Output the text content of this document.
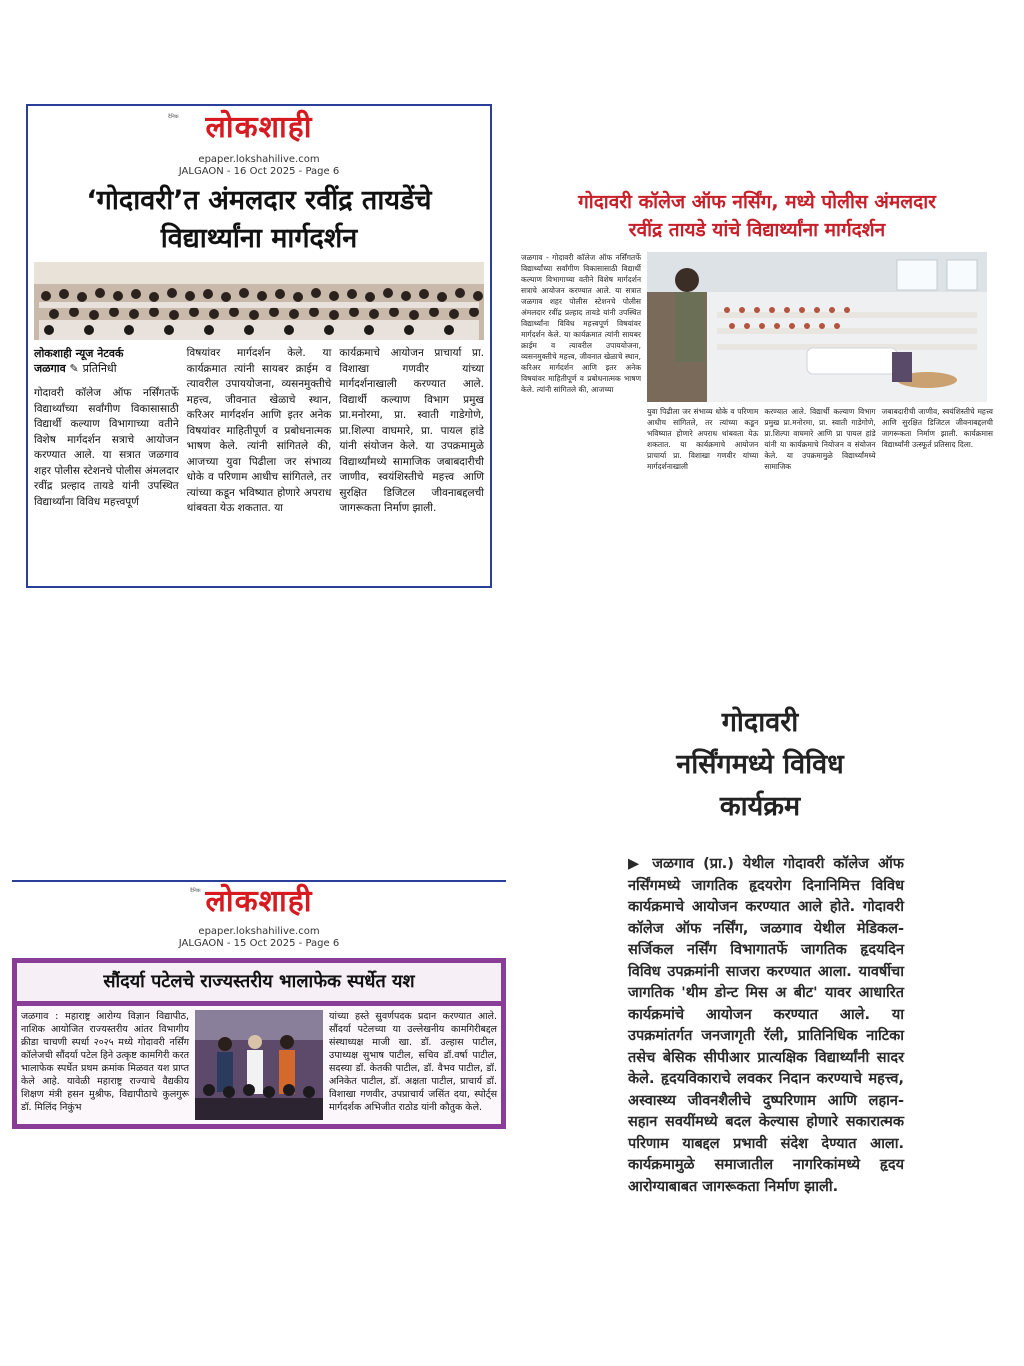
दैनिक लोकशाही
epaper.lokshahilive.com
JALGAON - 16 Oct 2025 - Page 6
‘गोदावरी’त अंमलदार रवींद्र तायडेंचे
विद्यार्थ्यांना मार्गदर्शन
लोकशाही न्यूज नेटवर्क
जळगाव ✎ प्रतिनिधी

गोदावरी कॉलेज ऑफ नर्सिंगतर्फे विद्यार्थ्यांच्या सर्वांगीण विकासासाठी विद्यार्थी कल्याण विभागाच्या वतीने विशेष मार्गदर्शन सत्राचे आयोजन करण्यात आले. या सत्रात जळगाव शहर पोलीस स्टेशनचे पोलीस अंमलदार रवींद्र प्रल्हाद तायडे यांनी उपस्थित विद्यार्थ्यांना विविध महत्त्वपूर्ण

विषयांवर मार्गदर्शन केले. या कार्यक्रमात त्यांनी सायबर क्राईम व त्यावरील उपाययोजना, व्यसनमुक्तीचे महत्त्व, जीवनात खेळाचे स्थान, करिअर मार्गदर्शन आणि इतर अनेक विषयांवर माहितीपूर्ण व प्रबोधनात्मक भाषण केले. त्यांनी सांगितले की, आजच्या युवा पिढीला जर संभाव्य धोके व परिणाम आधीच सांगितले, तर त्यांच्या कडून भविष्यात होणारे अपराध थांबवता येऊ शकतात. या

कार्यक्रमाचे आयोजन प्राचार्या प्रा. विशाखा गणवीर यांच्या मार्गदर्शनाखाली करण्यात आले. विद्यार्थी कल्याण विभाग प्रमुख प्रा.मनोरमा, प्रा. स्वाती गाडेगोणे, प्रा.शिल्पा वाघमारे, प्रा. पायल हांडे यांनी संयोजन केले. या उपक्रमामुळे विद्यार्थ्यांमध्ये सामाजिक जबाबदारीची जाणीव, स्वयंशिस्तीचे महत्त्व आणि सुरक्षित डिजिटल जीवनाबद्दलची जागरूकता निर्माण झाली.

गोदावरी कॉलेज ऑफ नर्सिंग, मध्ये पोलीस अंमलदार
रवींद्र तायडे यांचे विद्यार्थ्यांना मार्गदर्शन
जळगाव - गोदावरी कॉलेज ऑफ नर्सिंगतर्फे विद्यार्थ्यांच्या सर्वांगीण विकासासाठी विद्यार्थी कल्याण विभागाच्या वतीने विशेष मार्गदर्शन सत्राचे आयोजन करण्यात आले. या सत्रात जळगाव शहर पोलीस स्टेशनचे पोलीस अंमलदार रवींद्र प्रल्हाद तायडे यांनी उपस्थित विद्यार्थ्यांना विविध महत्त्वपूर्ण विषयांवर मार्गदर्शन केले. या कार्यक्रमात त्यांनी सायबर क्राईम व त्यावरील उपाययोजना, व्यसनमुक्तीचे महत्त्व, जीवनात खेळाचे स्थान, करिअर मार्गदर्शन आणि इतर अनेक विषयांवर माहितीपूर्ण व प्रबोधनात्मक भाषण केले. त्यांनी सांगितले की, आजच्या
युवा पिढीला जर संभाव्य धोके व परिणाम आधीच सांगितले, तर त्यांच्या कडून भविष्यात होणारे अपराध थांबवता येऊ शकतात. या कार्यक्रमाचे आयोजन प्राचार्या प्रा. विशाखा गणवीर यांच्या मार्गदर्शनाखाली
करण्यात आले. विद्यार्थी कल्याण विभाग प्रमुख प्रा.मनोरमा, प्रा. स्वाती गाडेगोणे, प्रा.शिल्पा वाघमारे आणि प्रा पायल हांडे यांनी या कार्यक्रमाचे नियोजन व संयोजन केले. या उपक्रमामुळे विद्यार्थ्यांमध्ये सामाजिक
जबाबदारीची जाणीव, स्वयंशिस्तीचे महत्त्व आणि सुरक्षित डिजिटल जीवनाबद्दलची जागरूकता निर्माण झाली. कार्यक्रमास विद्यार्थ्यांनी उत्स्फूर्त प्रतिसाद दिला.
दैनिक लोकशाही
epaper.lokshahilive.com
JALGAON - 15 Oct 2025 - Page 6
सौंदर्या पटेलचे राज्यस्तरीय भालाफेक स्पर्धेत यश
जळगाव : महाराष्ट्र आरोग्य विज्ञान विद्यापीठ, नाशिक आयोजित राज्यस्तरीय आंतर विभागीय क्रीडा चाचणी स्पर्धा २०२५ मध्ये गोदावरी नर्सिंग कॉलेजची सौंदर्या पटेल हिने उत्कृष्ट कामगिरी करत भालाफेक स्पर्धेत प्रथम क्रमांक मिळवत यश प्राप्त केले आहे. यावेळी महाराष्ट्र राज्याचे वैद्यकीय शिक्षण मंत्री हसन मुश्रीफ, विद्यापीठाचे कुलगुरू डॉ. मिलिंद निकुंभ
यांच्या हस्ते सुवर्णपदक प्रदान करण्यात आले. सौंदर्या पटेलच्या या उल्लेखनीय कामगिरीबद्दल संस्थाध्यक्ष माजी खा. डॉ. उल्हास पाटील, उपाध्यक्ष सुभाष पाटील, सचिव डॉ.वर्षा पाटील, सदस्या डॉ. केतकी पाटील, डॉ. वैभव पाटील, डॉ. अनिकेत पाटील, डॉ. अक्षता पाटील, प्राचार्य डॉ. विशाखा गणवीर, उपप्राचार्य जसिंत दया, स्पोर्ट्स मार्गदर्शक अभिजीत राठोड यांनी कौतुक केले.
गोदावरी
नर्सिंगमध्ये विविध
कार्यक्रम
▶ जळगाव (प्रा.) येथील गोदावरी कॉलेज ऑफ नर्सिंगमध्ये जागतिक हृदयरोग दिनानिमित्त विविध कार्यक्रमाचे आयोजन करण्यात आले होते. गोदावरी कॉलेज ऑफ नर्सिंग, जळगाव येथील मेडिकल-सर्जिकल नर्सिंग विभागातर्फे जागतिक हृदयदिन विविध उपक्रमांनी साजरा करण्यात आला. यावर्षीचा जागतिक 'थीम डोन्ट मिस अ बीट' यावर आधारित कार्यक्रमांचे आयोजन करण्यात आले. या उपक्रमांतर्गत जनजागृती रॅली, प्रातिनिधिक नाटिका तसेच बेसिक सीपीआर प्रात्यक्षिक विद्यार्थ्यांनी सादर केले. हृदयविकाराचे लवकर निदान करण्याचे महत्त्व, अस्वास्थ्य जीवनशैलीचे दुष्परिणाम आणि लहान-सहान सवयींमध्ये बदल केल्यास होणारे सकारात्मक परिणाम याबद्दल प्रभावी संदेश देण्यात आला. कार्यक्रमामुळे समाजातील नागरिकांमध्ये हृदय आरोग्याबाबत जागरूकता निर्माण झाली.
